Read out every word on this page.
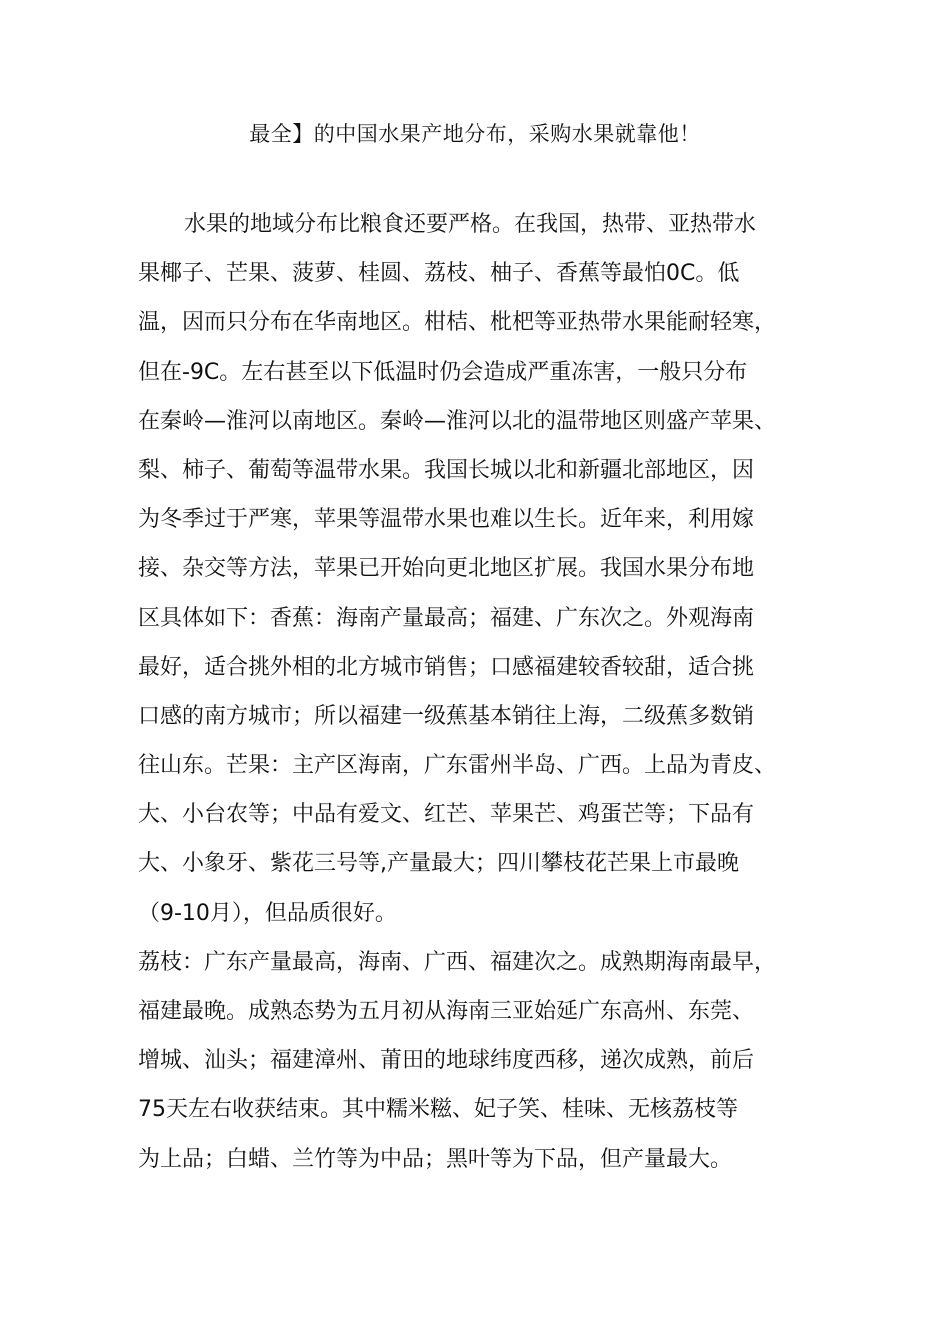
最全】的中国水果产地分布，采购水果就靠他！
水果的地域分布比粮食还要严格。在我国，热带、亚热带水
果椰子、芒果、菠萝、桂圆、荔枝、柚子、香蕉等最怕0C。低
温，因而只分布在华南地区。柑桔、枇杷等亚热带水果能耐轻寒，
但在-9C。左右甚至以下低温时仍会造成严重冻害，一般只分布
在秦岭—淮河以南地区。秦岭—淮河以北的温带地区则盛产苹果、
梨、柿子、葡萄等温带水果。我国长城以北和新疆北部地区，因
为冬季过于严寒，苹果等温带水果也难以生长。近年来，利用嫁
接、杂交等方法，苹果已开始向更北地区扩展。我国水果分布地
区具体如下：香蕉：海南产量最高；福建、广东次之。外观海南
最好，适合挑外相的北方城市销售；口感福建较香较甜，适合挑
口感的南方城市；所以福建一级蕉基本销往上海，二级蕉多数销
往山东。芒果：主产区海南，广东雷州半岛、广西。上品为青皮、
大、小台农等；中品有爱文、红芒、苹果芒、鸡蛋芒等；下品有
大、小象牙、紫花三号等,产量最大；四川攀枝花芒果上市最晚
（9-10月），但品质很好。
荔枝：广东产量最高，海南、广西、福建次之。成熟期海南最早，
福建最晚。成熟态势为五月初从海南三亚始延广东高州、东莞、
增城、汕头；福建漳州、莆田的地球纬度西移，递次成熟，前后
75天左右收获结束。其中糯米糍、妃子笑、桂味、无核荔枝等
为上品；白蜡、兰竹等为中品；黑叶等为下品，但产量最大。
